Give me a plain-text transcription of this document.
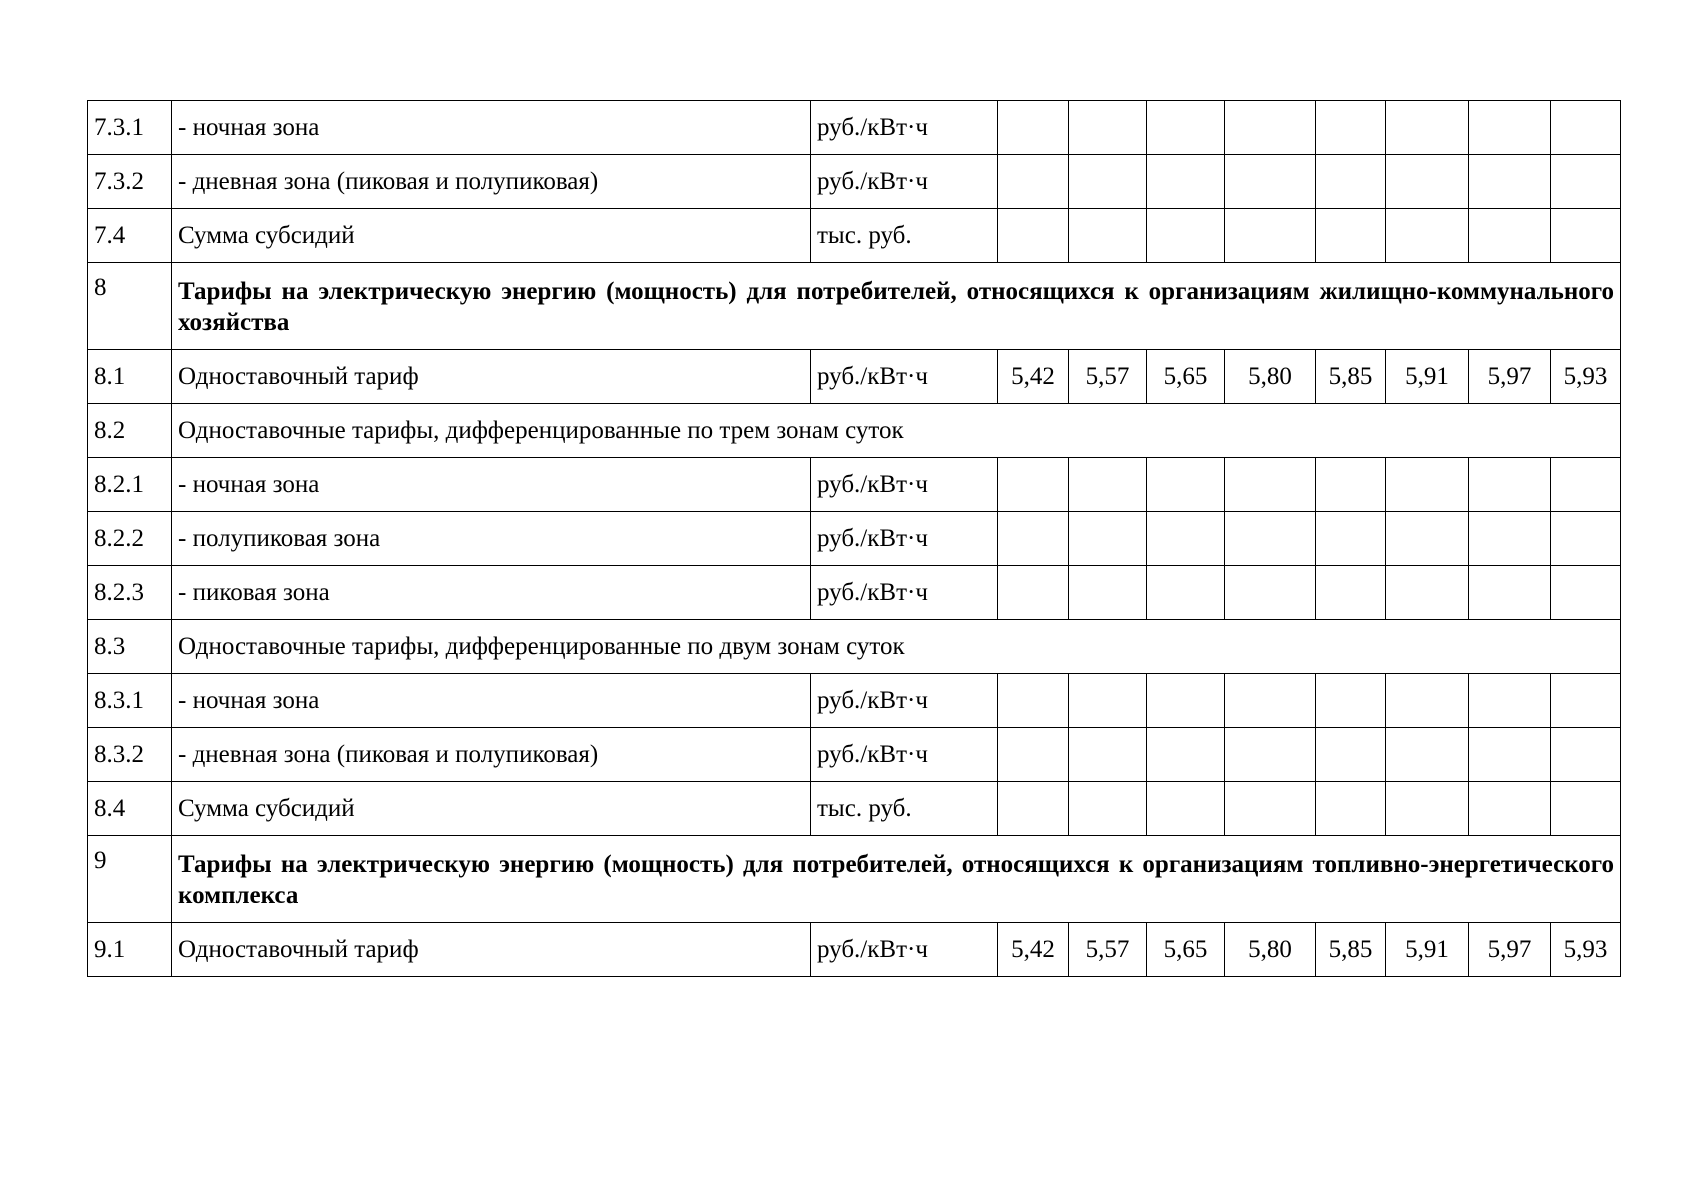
7.3.1	- ночная зона	руб./кВт·ч								
7.3.2	- дневная зона (пиковая и полупиковая)	руб./кВт·ч								
7.4	Сумма субсидий	тыс. руб.								
8	Тарифы на электрическую энергию (мощность) для потребителей, относящихся к организациям жилищно-коммунального хозяйства									
8.1	Одноставочный тариф	руб./кВт·ч	5,42	5,57	5,65	5,80	5,85	5,91	5,97	5,93
8.2	Одноставочные тарифы, дифференцированные по трем зонам суток									
8.2.1	- ночная зона	руб./кВт·ч								
8.2.2	- полупиковая зона	руб./кВт·ч								
8.2.3	- пиковая зона	руб./кВт·ч								
8.3	Одноставочные тарифы, дифференцированные по двум зонам суток									
8.3.1	- ночная зона	руб./кВт·ч								
8.3.2	- дневная зона (пиковая и полупиковая)	руб./кВт·ч								
8.4	Сумма субсидий	тыс. руб.								
9	Тарифы на электрическую энергию (мощность) для потребителей, относящихся к организациям топливно-энергетического комплекса									
9.1	Одноставочный тариф	руб./кВт·ч	5,42	5,57	5,65	5,80	5,85	5,91	5,97	5,93
